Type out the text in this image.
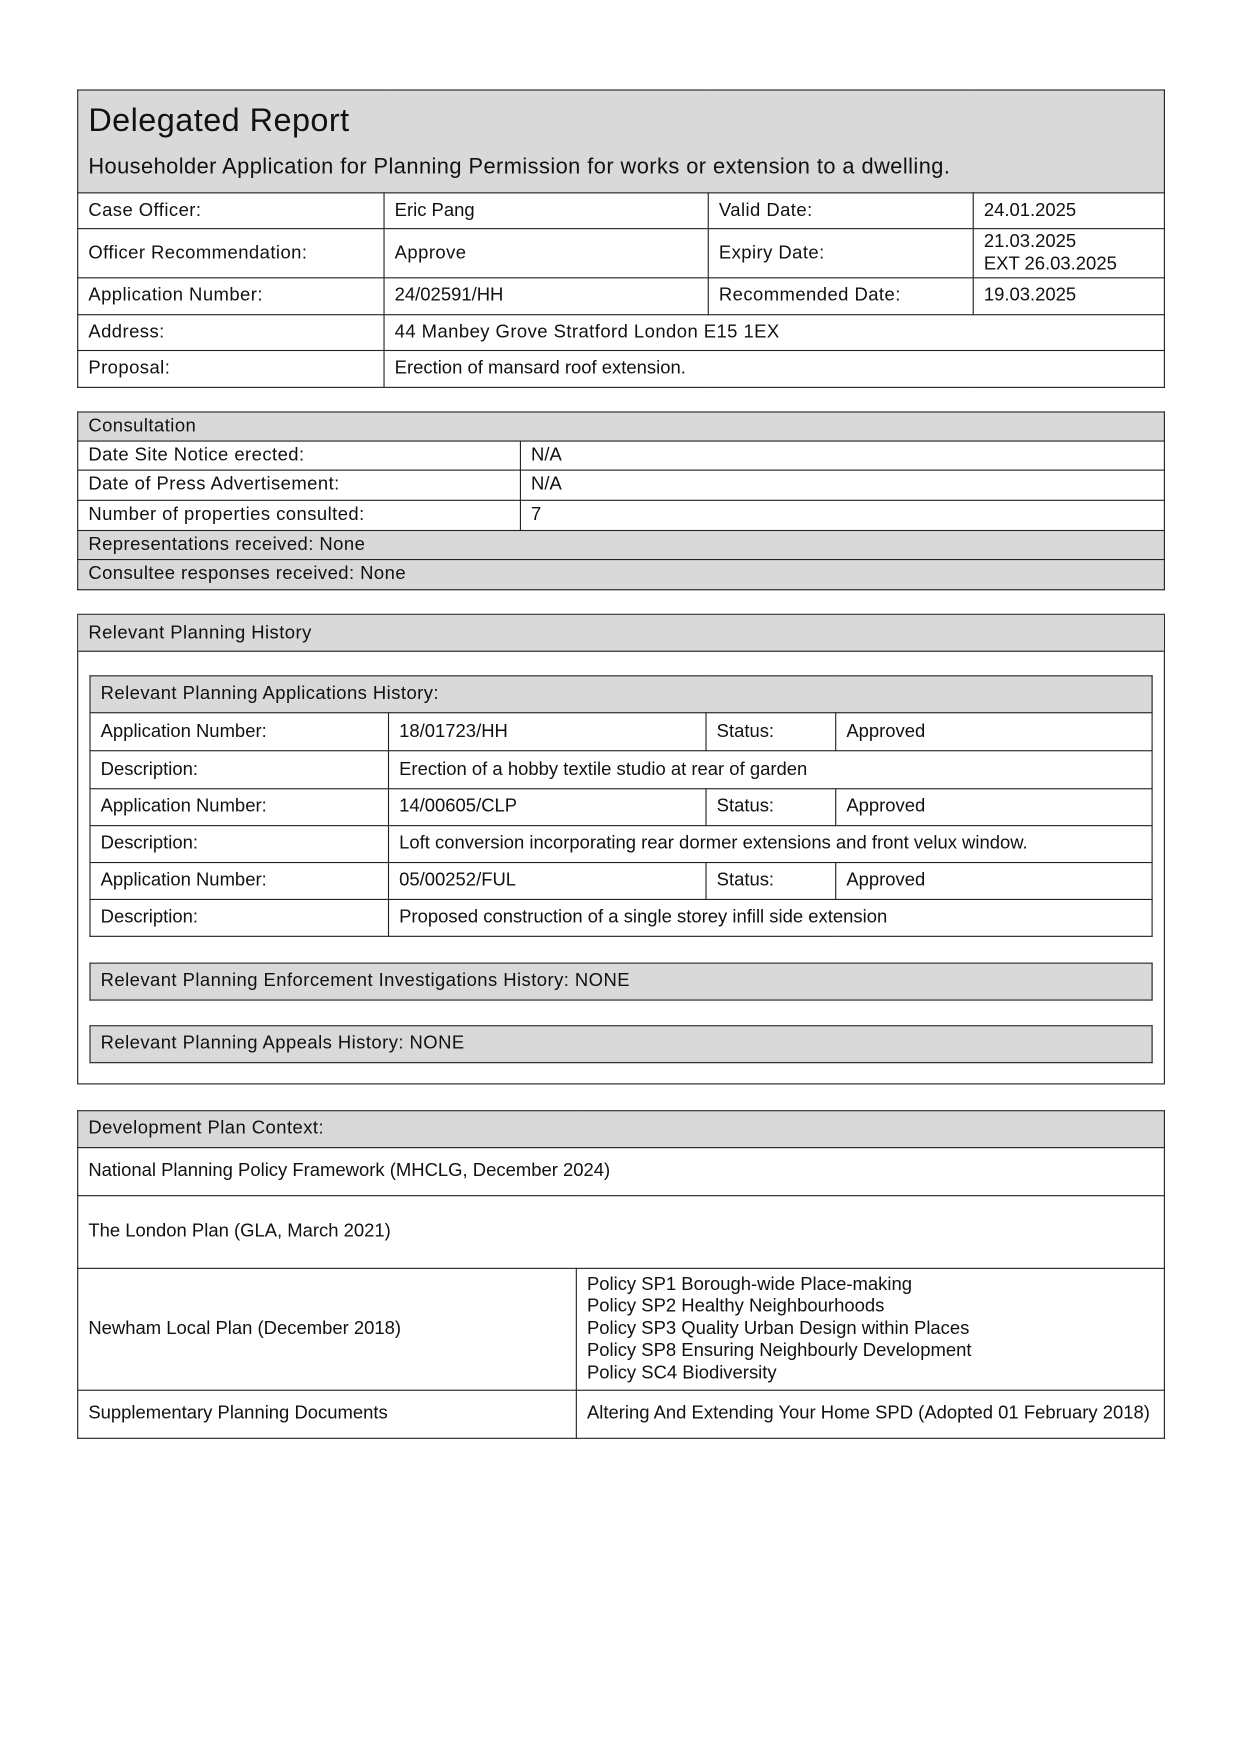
Delegated Report
Householder Application for Planning Permission for works or extension to a dwelling.			

Case Officer:	Eric Pang	Valid Date:	24.01.2025
Officer Recommendation:	Approve	Expiry Date:	21.03.2025
EXT 26.03.2025

Application Number:	24/02591/HH	Recommended Date:	19.03.2025
Address:	44 Manbey Grove Stratford London E15 1EX		
Proposal:	Erection of mansard roof extension.		
Consultation	
Date Site Notice erected:	N/A
Date of Press Advertisement:	N/A
Number of properties consulted:	7
Representations received: None	
Consultee responses received: None	
Relevant Planning History
Relevant Planning Applications History:			
Application Number:	18/01723/HH	Status:	Approved
Description:	Erection of a hobby textile studio at rear of garden		
Application Number:	14/00605/CLP	Status:	Approved
Description:	Loft conversion incorporating rear dormer extensions and front velux window.		
Application Number:	05/00252/FUL	Status:	Approved
Description:	Proposed construction of a single storey infill side extension		
Relevant Planning Enforcement Investigations History: NONE
Relevant Planning Appeals History: NONE
Development Plan Context:	
National Planning Policy Framework (MHCLG, December 2024)	
The London Plan (GLA, March 2021)	
Newham Local Plan (December 2018)	Policy SP1 Borough-wide Place-making
Policy SP2 Healthy Neighbourhoods
Policy SP3 Quality Urban Design within Places
Policy SP8 Ensuring Neighbourly Development
Policy SC4 Biodiversity

Supplementary Planning Documents	Altering And Extending Your Home SPD (Adopted 01 February 2018)
